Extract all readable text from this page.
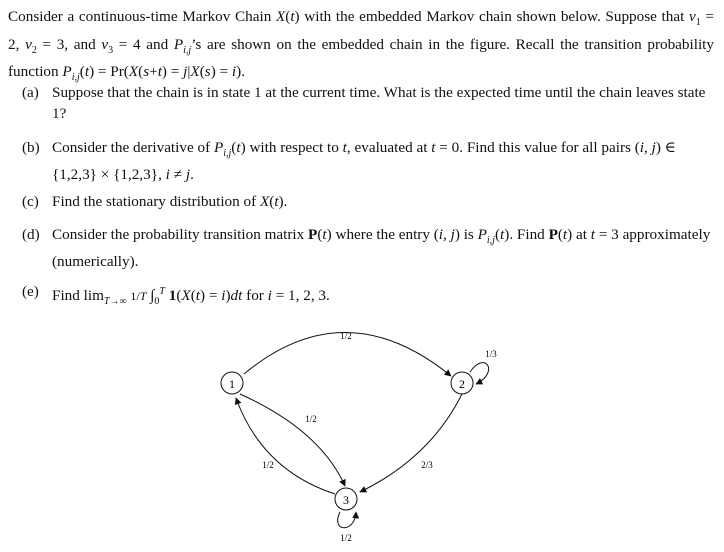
Consider a continuous-time Markov Chain X(t) with the embedded Markov chain shown below. Suppose that $\nu_1 = 2$, $\nu_2 = 3$, and $\nu_3 = 4$ and $P_{i,j}’s$ are shown on the embedded chain in the figure. Recall the transition probability function $P_{i,j}(t) = Pr(X(s+t) = j|X(s) = i)$.
(a) Suppose that the chain is in state 1 at the current time. What is the expected time until the chain leaves state 1?
(b) Consider the derivative of $P_{i,j}(t)$ with respect to t, evaluated at t = 0. Find this value for all pairs (i, j) ∈ {1,2,3} × {1,2,3}, i ≠ j.
(c) Find the stationary distribution of X(t).
(d) Consider the probability transition matrix P(t) where the entry (i, j) is $P_{i,j}(t)$. Find P(t) at t = 3 approximately (numerically).
(e) Find $\lim_{T\to\infty} 1/T$ $\int_0^T$ 1(X(t) = i)dt for i = 1, 2, 3.
1	2
3
1/2
1/3
1/2
1/2	2/3
1/2
